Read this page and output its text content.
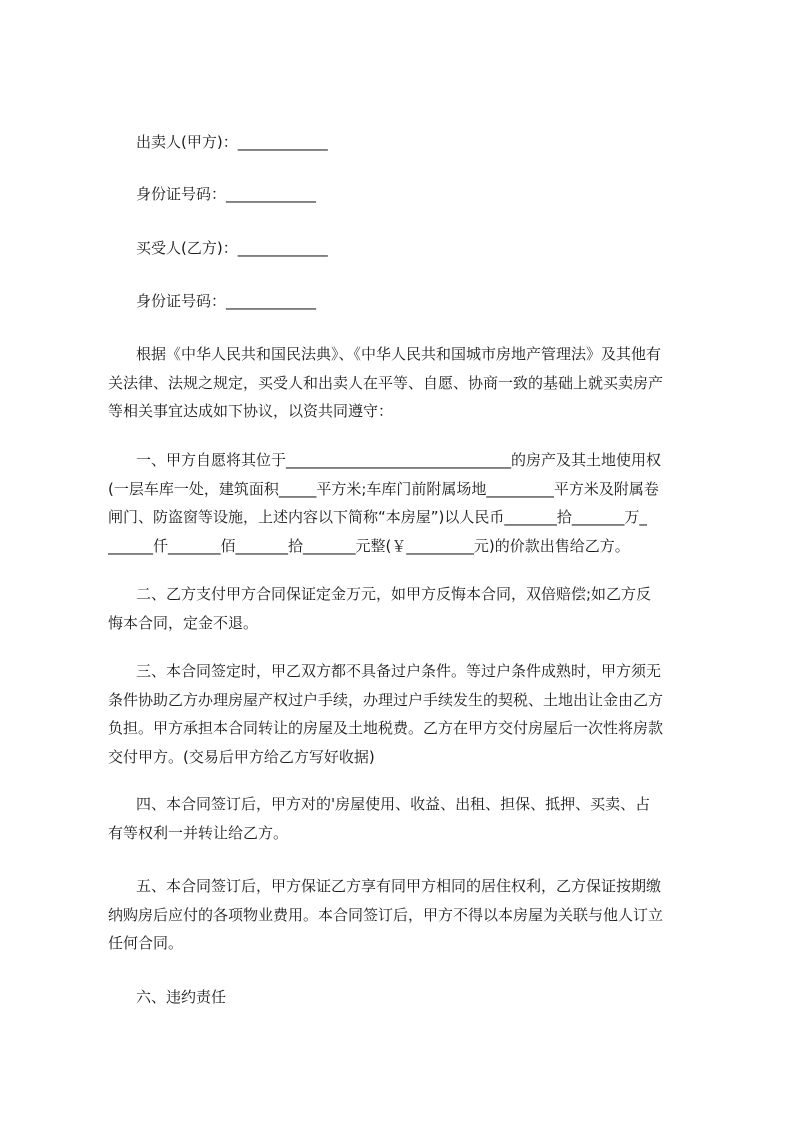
出卖人(甲方)：____________
身份证号码：____________
买受人(乙方)：____________
身份证号码：____________
根据《中华人民共和国民法典》、《中华人民共和国城市房地产管理法》及其他有
关法律、法规之规定，买受人和出卖人在平等、自愿、协商一致的基础上就买卖房产
等相关事宜达成如下协议，以资共同遵守：
一、甲方自愿将其位于______________________________的房产及其土地使用权
(一层车库一处，建筑面积_____平方米;车库门前附属场地_________平方米及附属卷
闸门、防盗窗等设施，上述内容以下简称“本房屋”)以人民币_______拾_______万_
______仟_______佰_______拾_______元整(￥_________元)的价款出售给乙方。
二、乙方支付甲方合同保证定金万元，如甲方反悔本合同，双倍赔偿;如乙方反
悔本合同，定金不退。
三、本合同签定时，甲乙双方都不具备过户条件。等过户条件成熟时，甲方须无
条件协助乙方办理房屋产权过户手续，办理过户手续发生的契税、土地出让金由乙方
负担。甲方承担本合同转让的房屋及土地税费。乙方在甲方交付房屋后一次性将房款
交付甲方。(交易后甲方给乙方写好收据)
四、本合同签订后，甲方对的'房屋使用、收益、出租、担保、抵押、买卖、占
有等权利一并转让给乙方。
五、本合同签订后，甲方保证乙方享有同甲方相同的居住权利，乙方保证按期缴
纳购房后应付的各项物业费用。本合同签订后，甲方不得以本房屋为关联与他人订立
任何合同。
六、违约责任
